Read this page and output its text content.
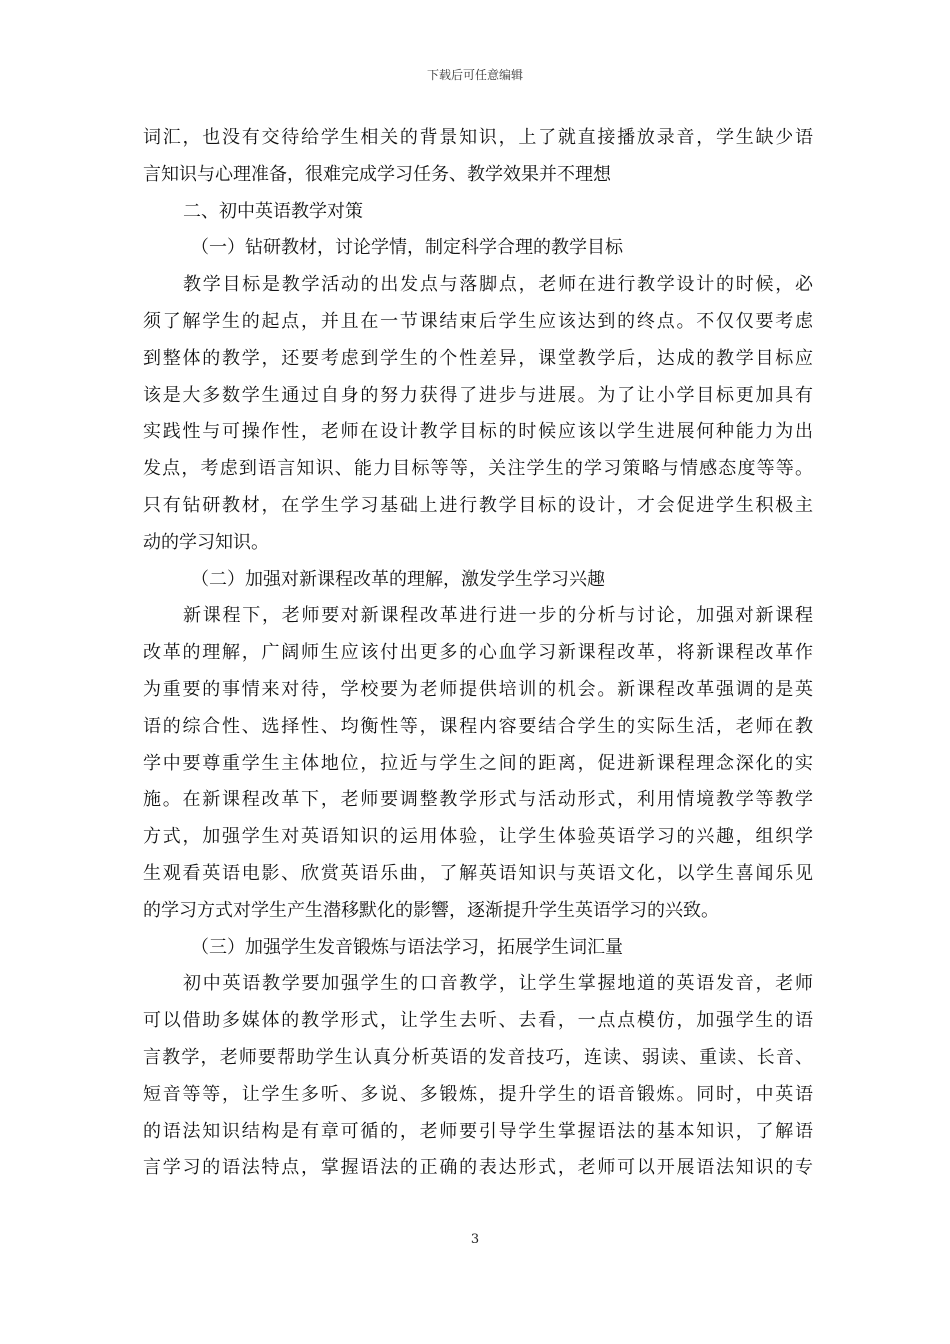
下载后可任意编辑
词汇，也没有交待给学生相关的背景知识，上了就直接播放录音，学生缺少语
言知识与心理准备，很难完成学习任务、教学效果并不理想
二、初中英语教学对策
（一）钻研教材，讨论学情，制定科学合理的教学目标
教学目标是教学活动的出发点与落脚点，老师在进行教学设计的时候，必
须了解学生的起点，并且在一节课结束后学生应该达到的终点。不仅仅要考虑
到整体的教学，还要考虑到学生的个性差异，课堂教学后，达成的教学目标应
该是大多数学生通过自身的努力获得了进步与进展。为了让小学目标更加具有
实践性与可操作性，老师在设计教学目标的时候应该以学生进展何种能力为出
发点，考虑到语言知识、能力目标等等，关注学生的学习策略与情感态度等等。
只有钻研教材，在学生学习基础上进行教学目标的设计，才会促进学生积极主
动的学习知识。
（二）加强对新课程改革的理解，激发学生学习兴趣
新课程下，老师要对新课程改革进行进一步的分析与讨论，加强对新课程
改革的理解，广阔师生应该付出更多的心血学习新课程改革，将新课程改革作
为重要的事情来对待，学校要为老师提供培训的机会。新课程改革强调的是英
语的综合性、选择性、均衡性等，课程内容要结合学生的实际生活，老师在教
学中要尊重学生主体地位，拉近与学生之间的距离，促进新课程理念深化的实
施。在新课程改革下，老师要调整教学形式与活动形式，利用情境教学等教学
方式，加强学生对英语知识的运用体验，让学生体验英语学习的兴趣，组织学
生观看英语电影、欣赏英语乐曲，了解英语知识与英语文化，以学生喜闻乐见
的学习方式对学生产生潜移默化的影響，逐渐提升学生英语学习的兴致。
（三）加强学生发音锻炼与语法学习，拓展学生词汇量
初中英语教学要加强学生的口音教学，让学生掌握地道的英语发音，老师
可以借助多媒体的教学形式，让学生去听、去看，一点点模仿，加强学生的语
言教学，老师要帮助学生认真分析英语的发音技巧，连读、弱读、重读、长音、
短音等等，让学生多听、多说、多锻炼，提升学生的语音锻炼。同时，中英语
的语法知识结构是有章可循的，老师要引导学生掌握语法的基本知识，了解语
言学习的语法特点，掌握语法的正确的表达形式，老师可以开展语法知识的专
3
